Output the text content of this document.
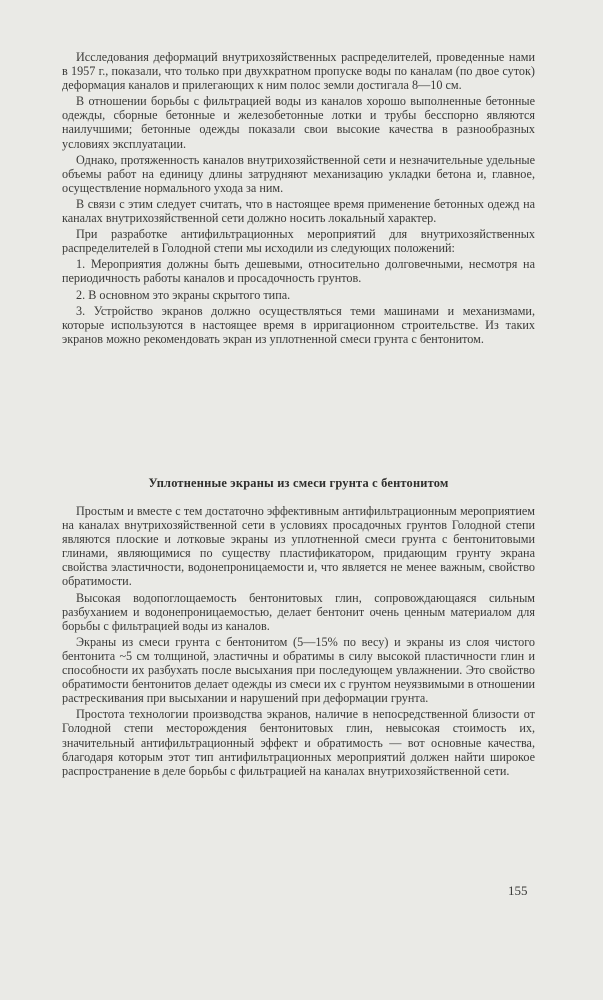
Исследования деформаций внутрихозяйственных распределителей, проведенные нами в 1957 г., показали, что только при двухкратном пропуске воды по каналам (по двое суток) деформация каналов и прилегающих к ним полос земли достигала 8—10 см.

В отношении борьбы с фильтрацией воды из каналов хорошо выполненные бетонные одежды, сборные бетонные и железобетонные лотки и трубы бесспорно являются наилучшими; бетонные одежды показали свои высокие качества в разнообразных условиях эксплуатации.

Однако, протяженность каналов внутрихозяйственной сети и незначительные удельные объемы работ на единицу длины затрудняют механизацию укладки бетона и, главное, осуществление нормального ухода за ним.

В связи с этим следует считать, что в настоящее время применение бетонных одежд на каналах внутрихозяйственной сети должно носить локальный характер.

При разработке антифильтрационных мероприятий для внутрихозяйственных распределителей в Голодной степи мы исходили из следующих положений:

1. Мероприятия должны быть дешевыми, относительно долговечными, несмотря на периодичность работы каналов и просадочность грунтов.

2. В основном это экраны скрытого типа.

3. Устройство экранов должно осуществляться теми машинами и механизмами, которые используются в настоящее время в ирригационном строительстве. Из таких экранов можно рекомендовать экран из уплотненной смеси грунта с бентонитом.

Уплотненные экраны из смеси грунта с бентонитом

Простым и вместе с тем достаточно эффективным антифильтрационным мероприятием на каналах внутрихозяйственной сети в условиях просадочных грунтов Голодной степи являются плоские и лотковые экраны из уплотненной смеси грунта с бентонитовыми глинами, являющимися по существу пластификатором, придающим грунту экрана свойства эластичности, водонепроницаемости и, что является не менее важным, свойство обратимости.

Высокая водопоглощаемость бентонитовых глин, сопровождающаяся сильным разбуханием и водонепроницаемостью, делает бентонит очень ценным материалом для борьбы с фильтрацией воды из каналов.

Экраны из смеси грунта с бентонитом (5—15% по весу) и экраны из слоя чистого бентонита ~5 см толщиной, эластичны и обратимы в силу высокой пластичности глин и способности их разбухать после высыхания при последующем увлажнении. Это свойство обратимости бентонитов делает одежды из смеси их с грунтом неуязвимыми в отношении растрескивания при высыхании и нарушений при деформации грунта.

Простота технологии производства экранов, наличие в непосредственной близости от Голодной степи месторождения бентонитовых глин, невысокая стоимость их, значительный антифильтрационный эффект и обратимость — вот основные качества, благодаря которым этот тип антифильтрационных мероприятий должен найти широкое распространение в деле борьбы с фильтрацией на каналах внутрихозяйственной сети.

155
